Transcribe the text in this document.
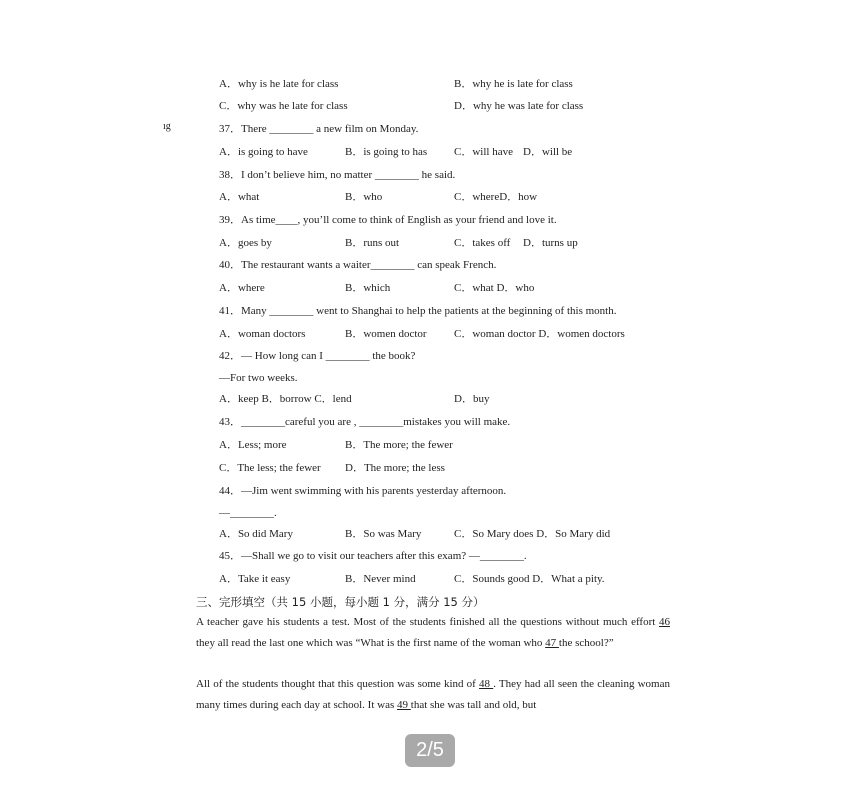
ıg
A．why is he late for class	B．why he is late for class
C．why was he late for class	D．why he was late for class
37．There ________ a new film on Monday.
A．is going to have	B．is going to has C．will have D．will be
38．I don’t believe him, no matter ________ he said.
A．what	B．who	C．whereD．how
39．As time____, you’ll come to think of English as your friend and love it.
A．goes by	B．runs out	C．takes off D．turns up
40．The restaurant wants a waiter________ can speak French.
A．where	B．which	C．what D．who
41．Many ________ went to Shanghai to help the patients at the beginning of this month.
A．woman doctors	B．women doctor C．woman doctor D．women doctors
42．— How long can I ________ the book?
—For two weeks.
A．keep B．borrow C．lend	D．buy
43．________careful you are , ________mistakes you will make.
A．Less; more	B．The more; the fewer
C．The less; the fewer D．The more; the less
44．—Jim went swimming with his parents yesterday afternoon.
—________.
A．So did Mary	B．So was Mary	C．So Mary does D．So Mary did
45．—Shall we go to visit our teachers after this exam? —________.
A．Take it easy	B．Never mind	C．Sounds good D．What a pity.
三、完形填空（共 15 小题，每小题 1 分，满分 15 分）
A teacher gave his students a test. Most of the students finished all the questions without much effort 46 they all read the last one which was “What is the first name of the woman who 47 the school?”
All of the students thought that this question was some kind of 48 . They had all seen the cleaning woman many times during each day at school. It was 49 that she was tall and old, but
2/5
